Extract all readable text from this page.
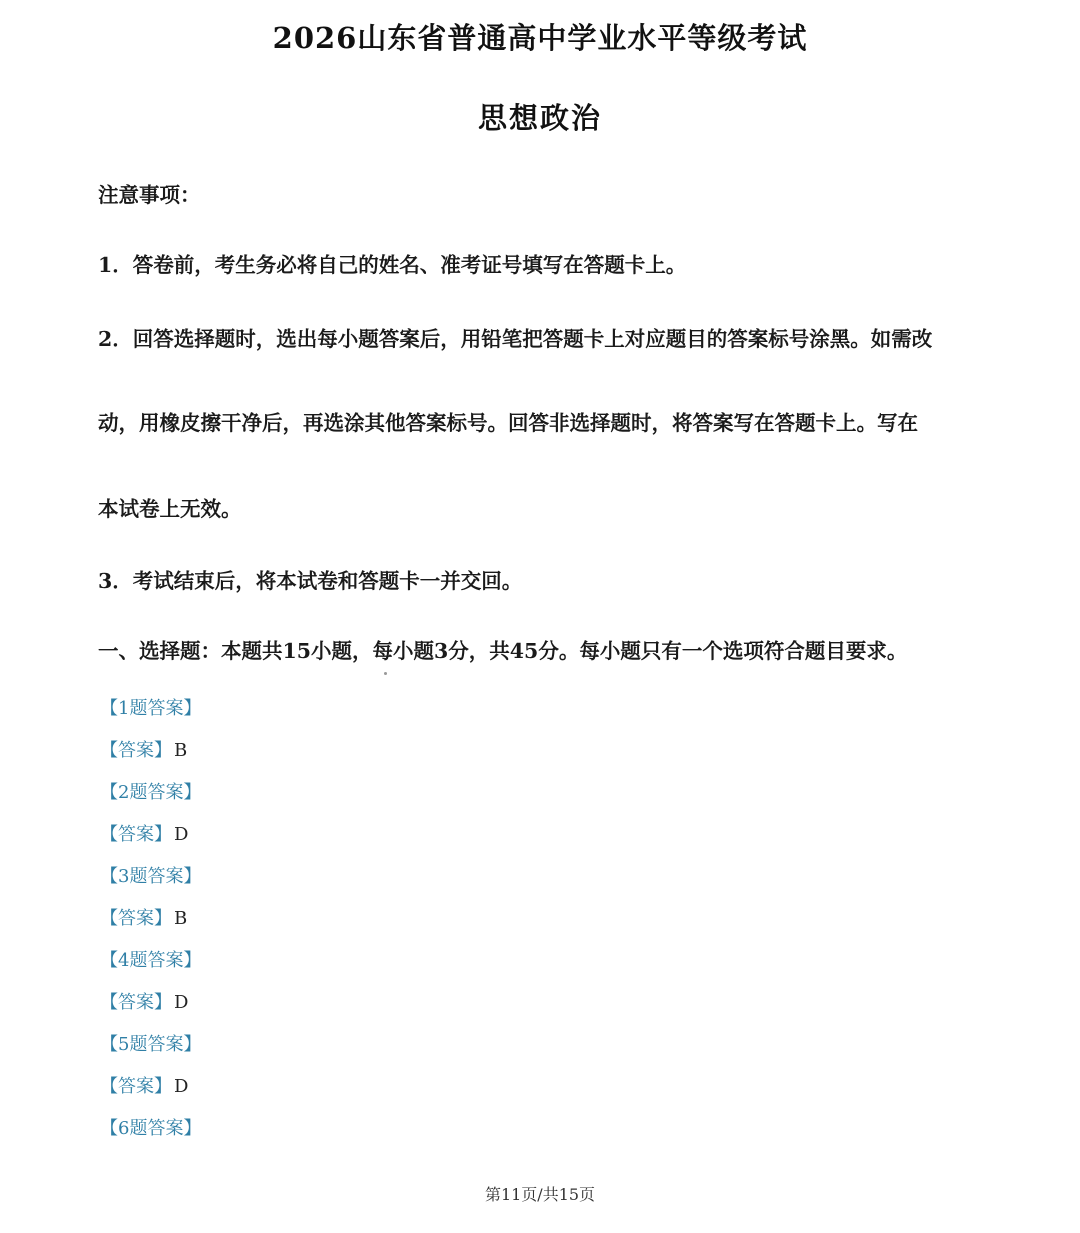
2026山东省普通高中学业水平等级考试
思想政治
注意事项：
1．答卷前，考生务必将自己的姓名、准考证号填写在答题卡上。
2．回答选择题时，选出每小题答案后，用铅笔把答题卡上对应题目的答案标号涂黑。如需改
动，用橡皮擦干净后，再选涂其他答案标号。回答非选择题时，将答案写在答题卡上。写在
本试卷上无效。
3．考试结束后，将本试卷和答题卡一并交回。
一、选择题：本题共15小题，每小题3分，共45分。每小题只有一个选项符合题目要求。
【1题答案】
【答案】 B
【2题答案】
【答案】 D
【3题答案】
【答案】 B
【4题答案】
【答案】 D
【5题答案】
【答案】 D
【6题答案】
第11页/共15页
